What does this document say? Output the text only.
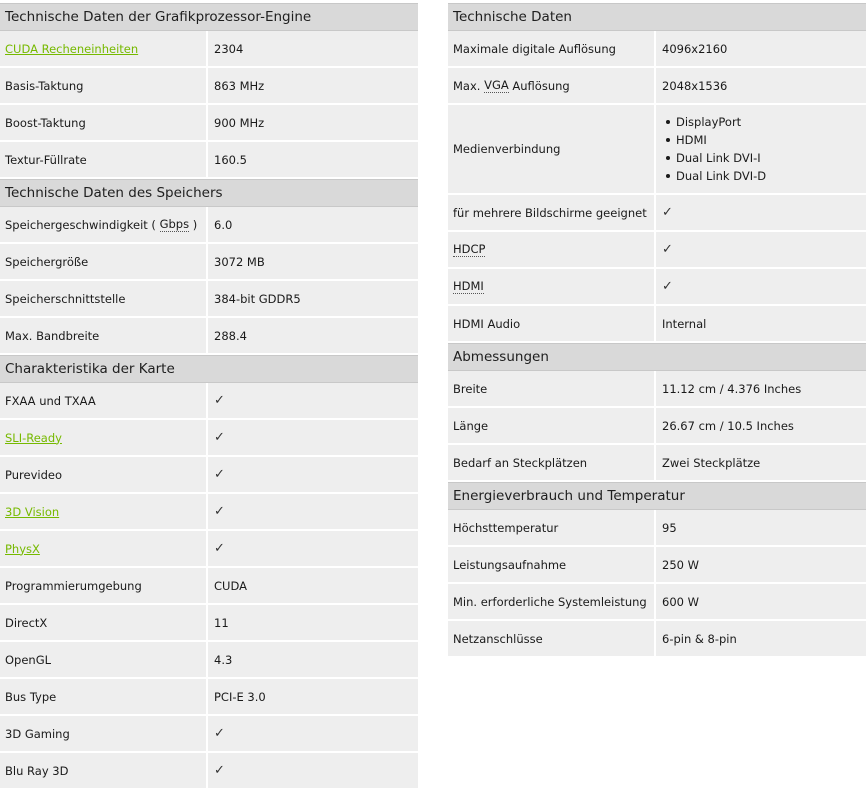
Technische Daten der Grafikprozessor-Engine
CUDA Recheneinheiten	2304
Basis-Taktung	863 MHz
Boost-Taktung	900 MHz
Textur-Füllrate	160.5
Technische Daten des Speichers
Speichergeschwindigkeit ( Gbps )	6.0
Speichergröße	3072 MB
Speicherschnittstelle	384-bit GDDR5
Max. Bandbreite	288.4
Charakteristika der Karte
FXAA und TXAA	✓
SLI-Ready	✓
Purevideo	✓
3D Vision	✓
PhysX	✓
Programmierumgebung	CUDA
DirectX	11
OpenGL	4.3
Bus Type	PCI-E 3.0
3D Gaming	✓
Blu Ray 3D	✓
Technische Daten
Maximale digitale Auflösung	4096x2160
Max. VGA Auflösung	2048x1536
Medienverbindung
DisplayPort
HDMI
Dual Link DVI-I
Dual Link DVI-D
für mehrere Bildschirme geeignet	✓
HDCP	✓
HDMI	✓
HDMI Audio	Internal
Abmessungen
Breite	11.12 cm / 4.376 Inches
Länge	26.67 cm / 10.5 Inches
Bedarf an Steckplätzen	Zwei Steckplätze
Energieverbrauch und Temperatur
Höchsttemperatur	95
Leistungsaufnahme	250 W
Min. erforderliche Systemleistung	600 W
Netzanschlüsse	6-pin & 8-pin
